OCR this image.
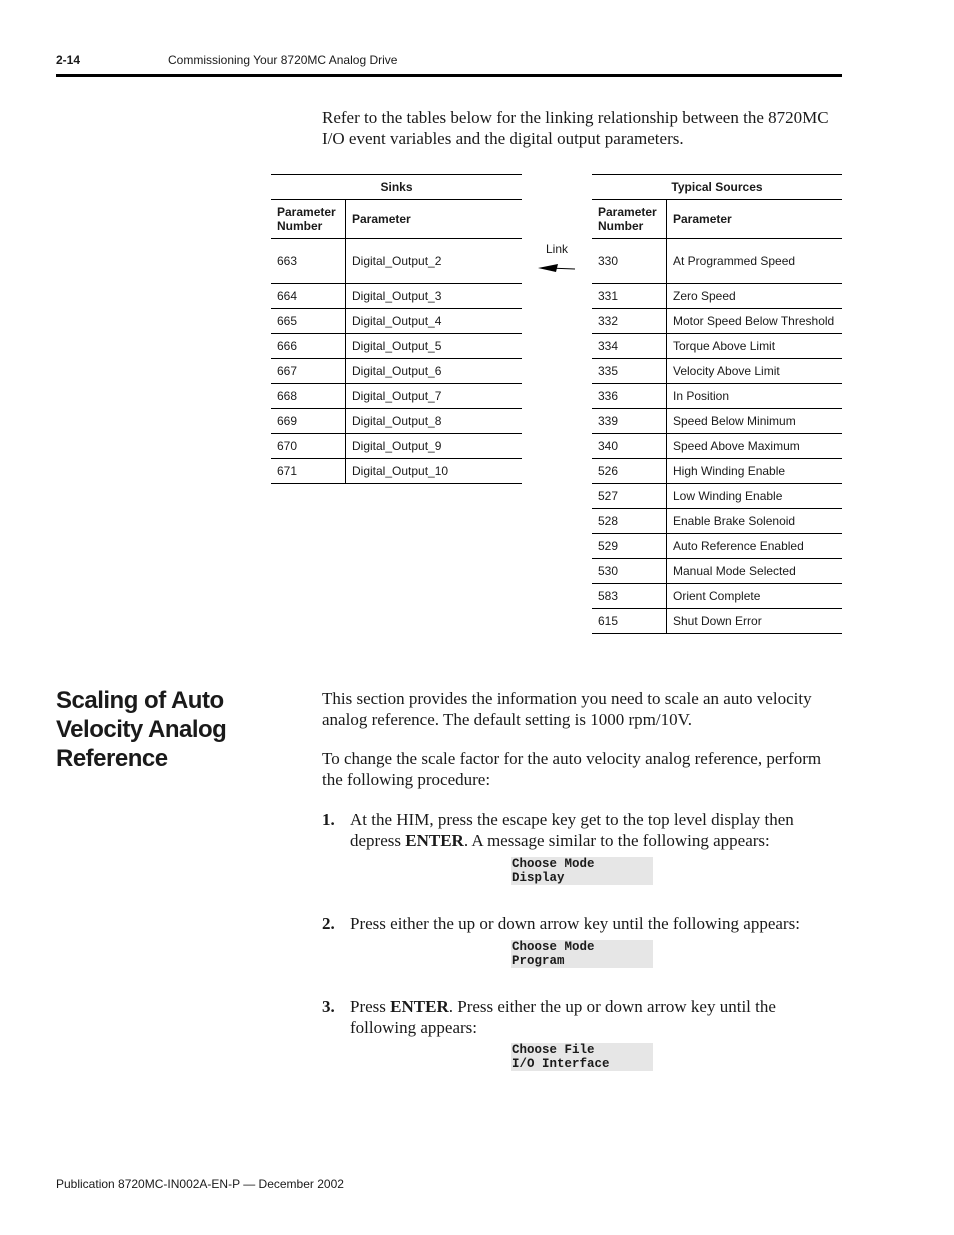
2-14	Commissioning Your 8720MC Analog Drive
Refer to the tables below for the linking relationship between the 8720MC I/O event variables and the digital output parameters.
Sinks	
Parameter Number	Parameter
663	Digital_Output_2
664	Digital_Output_3
665	Digital_Output_4
666	Digital_Output_5
667	Digital_Output_6
668	Digital_Output_7
669	Digital_Output_8
670	Digital_Output_9
671	Digital_Output_10
Link
Typical Sources	
Parameter Number	Parameter
330	At Programmed Speed
331	Zero Speed
332	Motor Speed Below Threshold
334	Torque Above Limit
335	Velocity Above Limit
336	In Position
339	Speed Below Minimum
340	Speed Above Maximum
526	High Winding Enable
527	Low Winding Enable
528	Enable Brake Solenoid
529	Auto Reference Enabled
530	Manual Mode Selected
583	Orient Complete
615	Shut Down Error
Scaling of Auto Velocity Analog Reference
This section provides the information you need to scale an auto velocity analog reference. The default setting is 1000 rpm/10V.
To change the scale factor for the auto velocity analog reference, perform the following procedure:
1. At the HIM, press the escape key get to the top level display then depress ENTER. A message similar to the following appears:
Choose Mode
Display
2. Press either the up or down arrow key until the following appears:
Choose Mode
Program
3. Press ENTER. Press either the up or down arrow key until the following appears:
Choose File
I/O Interface
Publication 8720MC-IN002A-EN-P — December 2002
